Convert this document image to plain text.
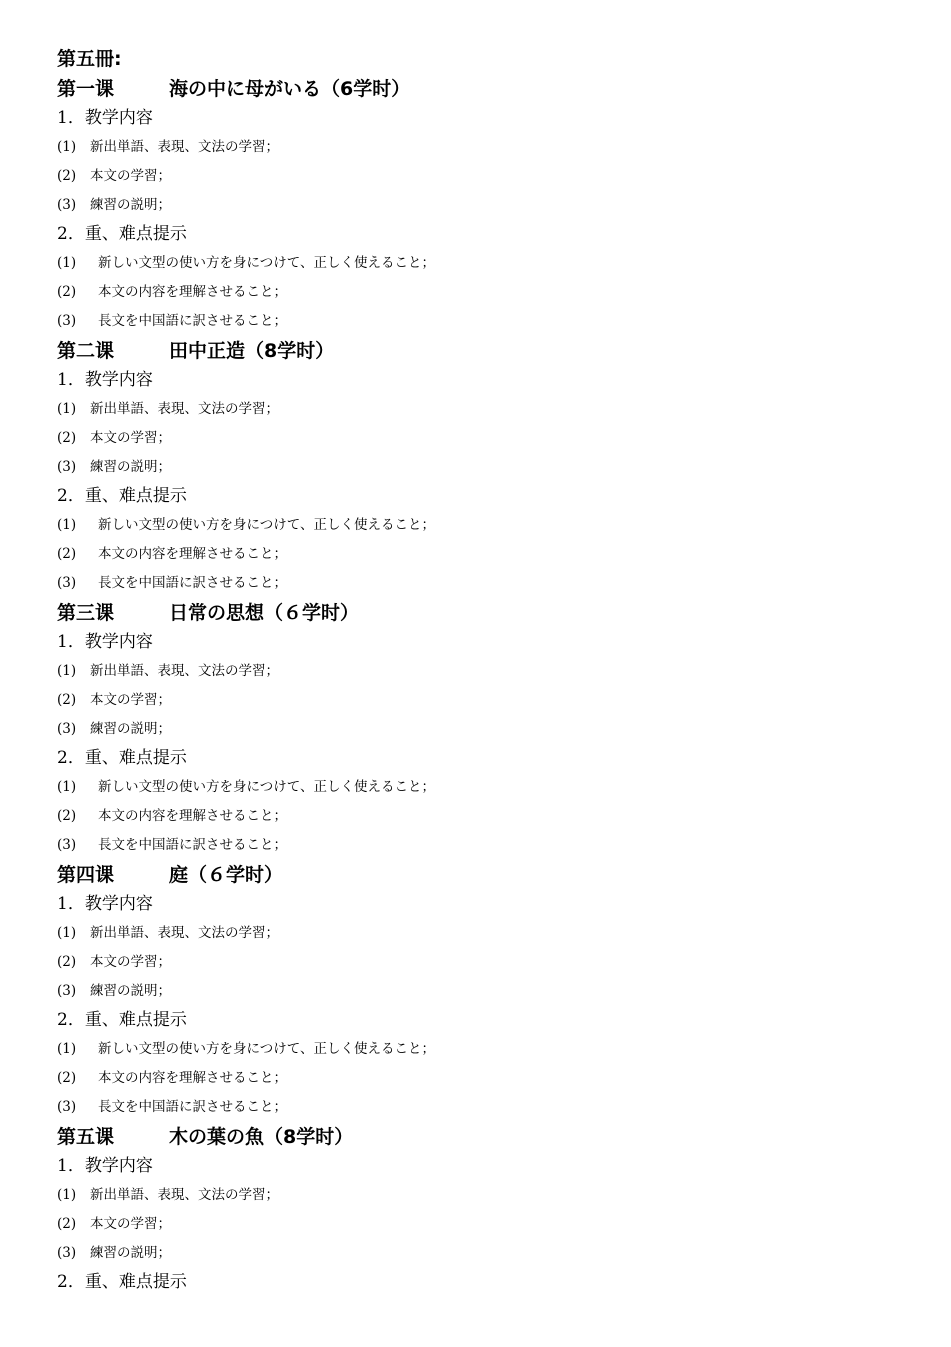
第五冊:
第一课	海の中に母がいる（6学时）
1．教学内容
(1) 新出単語、表現、文法の学習；
(2) 本文の学習；
(3) 練習の説明；
2．重、难点提示
(1) 新しい文型の使い方を身につけて、正しく使えること；
(2) 本文の内容を理解させること；
(3) 長文を中国語に訳させること；
第二课	田中正造（8学时）
1．教学内容
(1) 新出単語、表現、文法の学習；
(2) 本文の学習；
(3) 練習の説明；
2．重、难点提示
(1) 新しい文型の使い方を身につけて、正しく使えること；
(2) 本文の内容を理解させること；
(3) 長文を中国語に訳させること；
第三课	日常の思想（６学时）
1．教学内容
(1) 新出単語、表現、文法の学習；
(2) 本文の学習；
(3) 練習の説明；
2．重、难点提示
(1) 新しい文型の使い方を身につけて、正しく使えること；
(2) 本文の内容を理解させること；
(3) 長文を中国語に訳させること；
第四课	庭（６学时）
1．教学内容
(1) 新出単語、表現、文法の学習；
(2) 本文の学習；
(3) 練習の説明；
2．重、难点提示
(1) 新しい文型の使い方を身につけて、正しく使えること；
(2) 本文の内容を理解させること；
(3) 長文を中国語に訳させること；
第五课	木の葉の魚（8学时）
1．教学内容
(1) 新出単語、表現、文法の学習；
(2) 本文の学習；
(3) 練習の説明；
2．重、难点提示
